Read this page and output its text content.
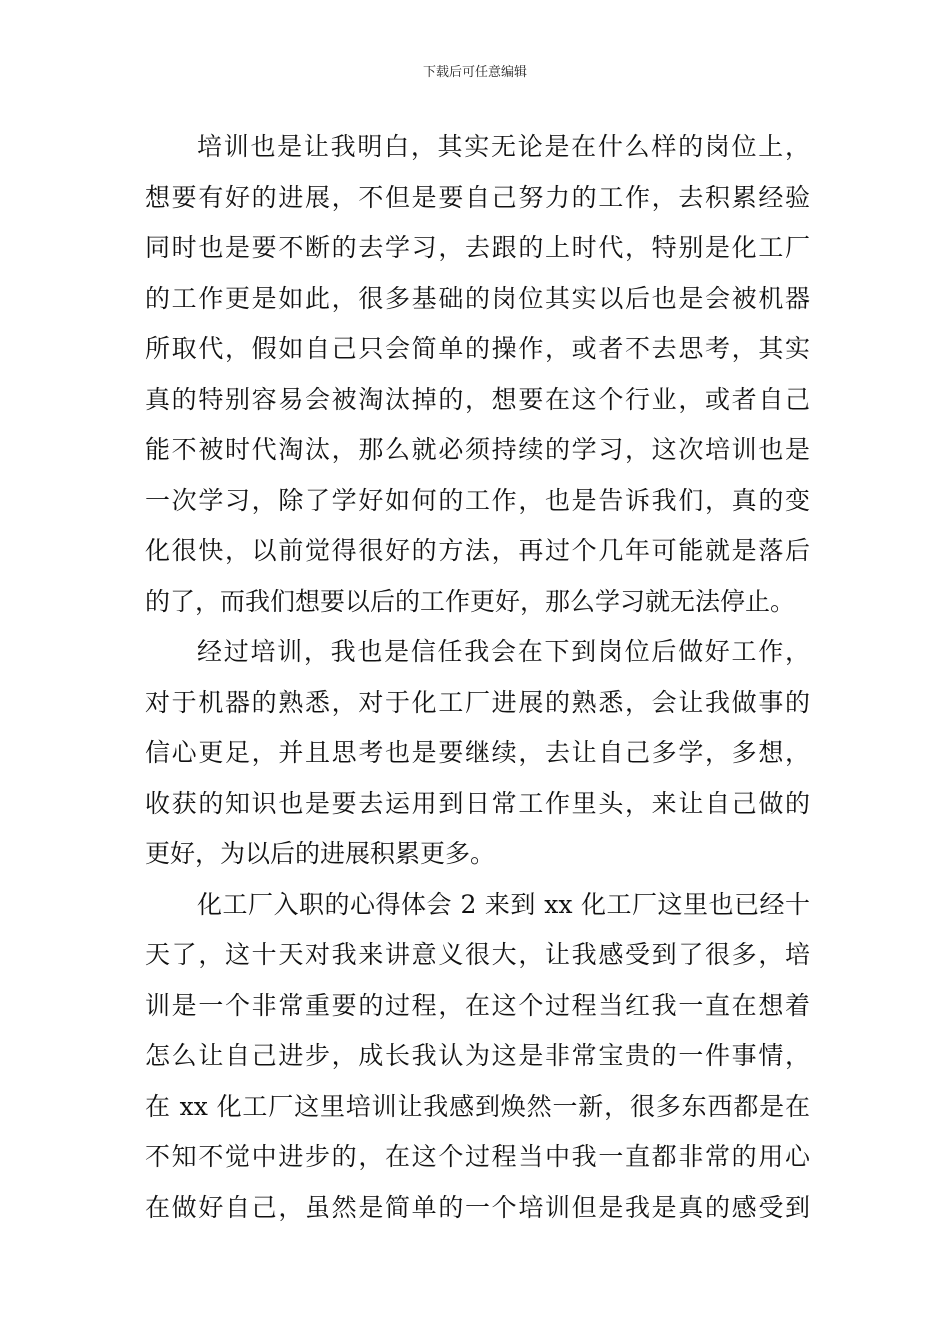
下载后可任意编辑
培训也是让我明白，其实无论是在什么样的岗位上，
想要有好的进展，不但是要自己努力的工作，去积累经验
同时也是要不断的去学习，去跟的上时代，特别是化工厂
的工作更是如此，很多基础的岗位其实以后也是会被机器
所取代，假如自己只会简单的操作，或者不去思考，其实
真的特别容易会被淘汰掉的，想要在这个行业，或者自己
能不被时代淘汰，那么就必须持续的学习，这次培训也是
一次学习，除了学好如何的工作，也是告诉我们，真的变
化很快，以前觉得很好的方法，再过个几年可能就是落后
的了，而我们想要以后的工作更好，那么学习就无法停止。
经过培训，我也是信任我会在下到岗位后做好工作，
对于机器的熟悉，对于化工厂进展的熟悉，会让我做事的
信心更足，并且思考也是要继续，去让自己多学，多想，
收获的知识也是要去运用到日常工作里头，来让自己做的
更好，为以后的进展积累更多。
化工厂入职的心得体会 2 来到 xx 化工厂这里也已经十
天了，这十天对我来讲意义很大，让我感受到了很多，培
训是一个非常重要的过程，在这个过程当红我一直在想着
怎么让自己进步，成长我认为这是非常宝贵的一件事情，
在 xx 化工厂这里培训让我感到焕然一新，很多东西都是在
不知不觉中进步的，在这个过程当中我一直都非常的用心
在做好自己，虽然是简单的一个培训但是我是真的感受到
